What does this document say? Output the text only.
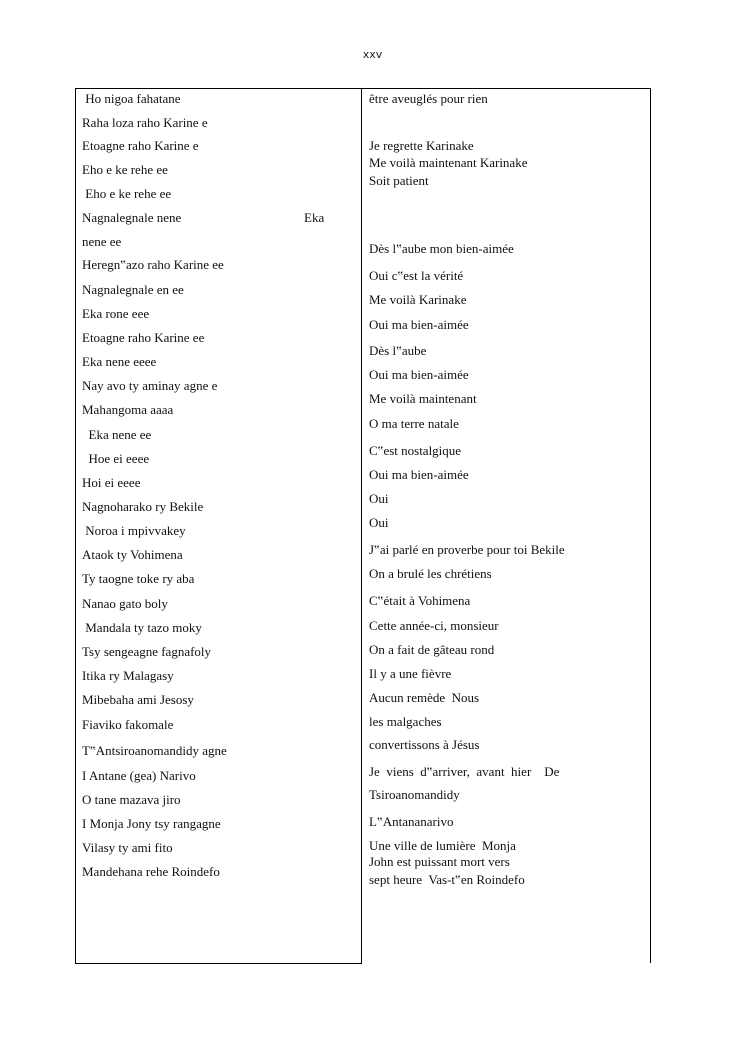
xxv
Ho nigoa fahatane
Raha loza raho Karine e
Etoagne raho Karine e
Eho e ke rehe ee
Eho e ke rehe ee
Nagnalegnale nene	Eka
nene ee
Heregn‟azo raho Karine ee
Nagnalegnale en ee
Eka rone eee
Etoagne raho Karine ee
Eka nene eeee
Nay avo ty aminay agne e
Mahangoma aaaa
Eka nene ee
Hoe ei eeee
Hoi ei eeee
Nagnoharako ry Bekile
Noroa i mpivvakey
Ataok ty Vohimena
Ty taogne toke ry aba
Nanao gato boly
Mandala ty tazo moky
Tsy sengeagne fagnafoly
Itika ry Malagasy
Mibebaha ami Jesosy
Fiaviko fakomale
T‟Antsiroanomandidy agne
I Antane (gea) Narivo
O tane mazava jiro
I Monja Jony tsy rangagne
Vilasy ty ami fito
Mandehana rehe Roindefo
être aveuglés pour rien
Je regrette Karinake
Me voilà maintenant Karinake
Soit patient
Dès l‟aube mon bien-aimée
Oui c‟est la vérité
Me voilà Karinake
Oui ma bien-aimée
Dès l‟aube
Oui ma bien-aimée
Me voilà maintenant
O ma terre natale
C‟est nostalgique
Oui ma bien-aimée
Oui
Oui
J‟ai parlé en proverbe pour toi Bekile
On a brulé les chrétiens
C‟était à Vohimena
Cette année-ci, monsieur
On a fait de gâteau rond
Il y a une fièvre
Aucun remède  Nous
les malgaches
convertissons à Jésus
Je  viens  d‟arriver,  avant  hier    De
Tsiroanomandidy
L‟Antananarivo
Une ville de lumière  Monja
John est puissant mort vers
sept heure  Vas-t‟en Roindefo
